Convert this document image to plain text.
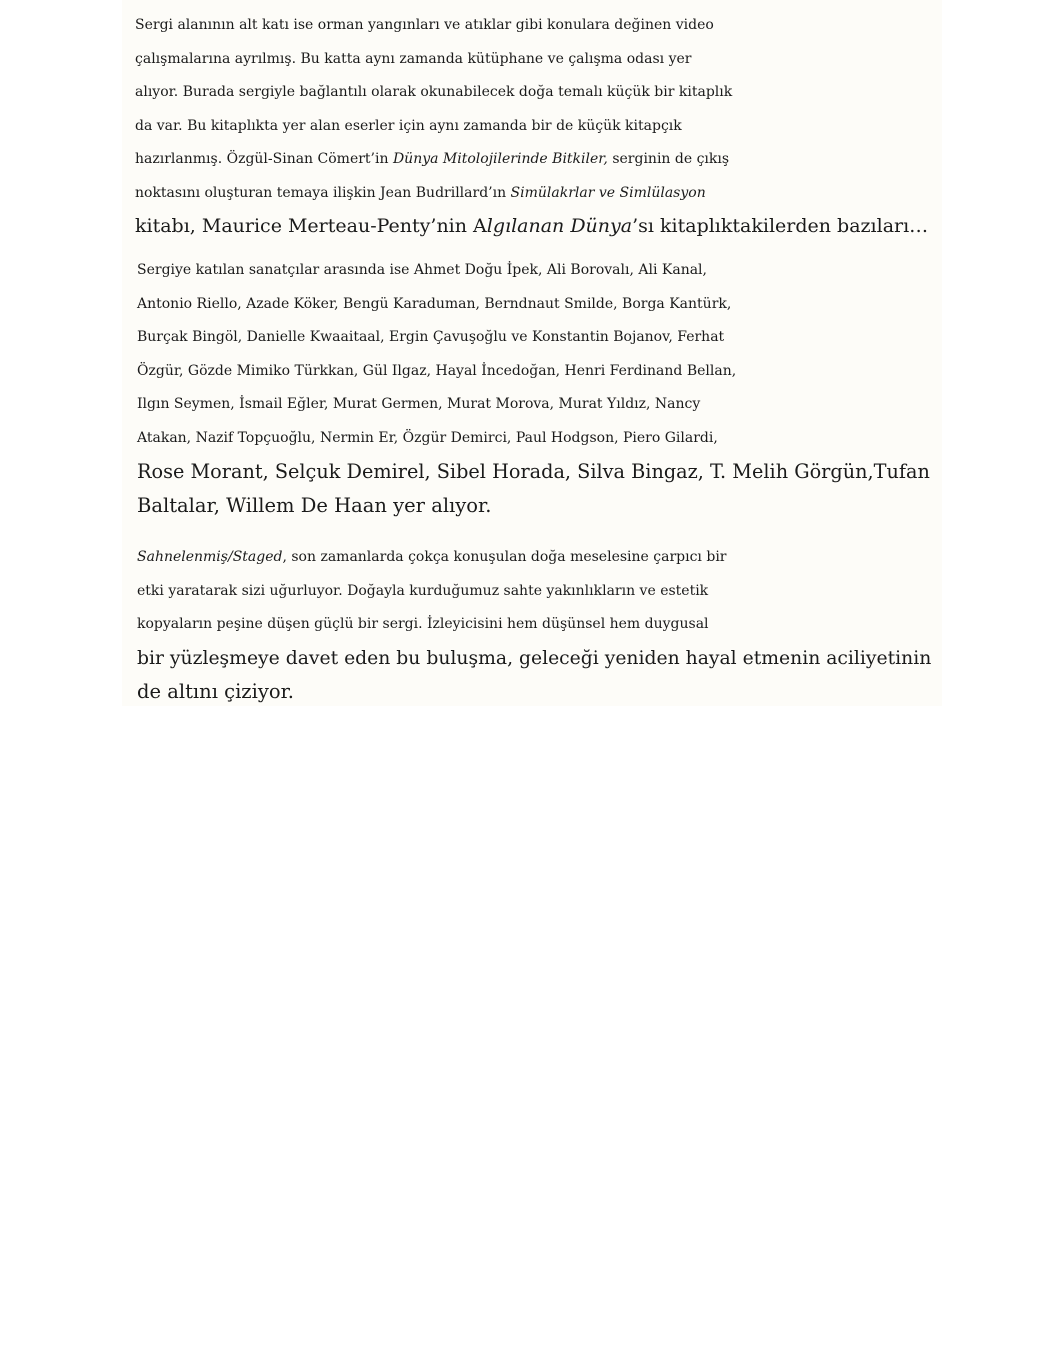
Sergi alanının alt katı ise orman yangınları ve atıklar gibi konulara değinen video
çalışmalarına ayrılmış. Bu katta aynı zamanda kütüphane ve çalışma odası yer
alıyor. Burada sergiyle bağlantılı olarak okunabilecek doğa temalı küçük bir kitaplık
da var. Bu kitaplıkta yer alan eserler için aynı zamanda bir de küçük kitapçık
hazırlanmış. Özgül-Sinan Cömert’in Dünya Mitolojilerinde Bitkiler, serginin de çıkış
noktasını oluşturan temaya ilişkin Jean Budrillard’ın Simülakrlar ve Simlülasyon
kitabı, Maurice Merteau-Penty’nin Algılanan Dünya’sı kitaplıktakilerden bazıları…

Sergiye katılan sanatçılar arasında ise Ahmet Doğu İpek, Ali Borovalı, Ali Kanal,
Antonio Riello, Azade Köker, Bengü Karaduman, Berndnaut Smilde, Borga Kantürk,
Burçak Bingöl, Danielle Kwaaitaal, Ergin Çavuşoğlu ve Konstantin Bojanov, Ferhat
Özgür, Gözde Mimiko Türkkan, Gül Ilgaz, Hayal İncedoğan, Henri Ferdinand Bellan,
Ilgın Seymen, İsmail Eğler, Murat Germen, Murat Morova, Murat Yıldız, Nancy
Atakan, Nazif Topçuoğlu, Nermin Er, Özgür Demirci, Paul Hodgson, Piero Gilardi,
Rose Morant, Selçuk Demirel, Sibel Horada, Silva Bingaz, T. Melih Görgün,Tufan
Baltalar, Willem De Haan yer alıyor.

Sahnelenmiş/Staged, son zamanlarda çokça konuşulan doğa meselesine çarpıcı bir
etki yaratarak sizi uğurluyor. Doğayla kurduğumuz sahte yakınlıkların ve estetik
kopyaların peşine düşen güçlü bir sergi. İzleyicisini hem düşünsel hem duygusal
bir yüzleşmeye davet eden bu buluşma, geleceği yeniden hayal etmenin aciliyetinin
de altını çiziyor.
